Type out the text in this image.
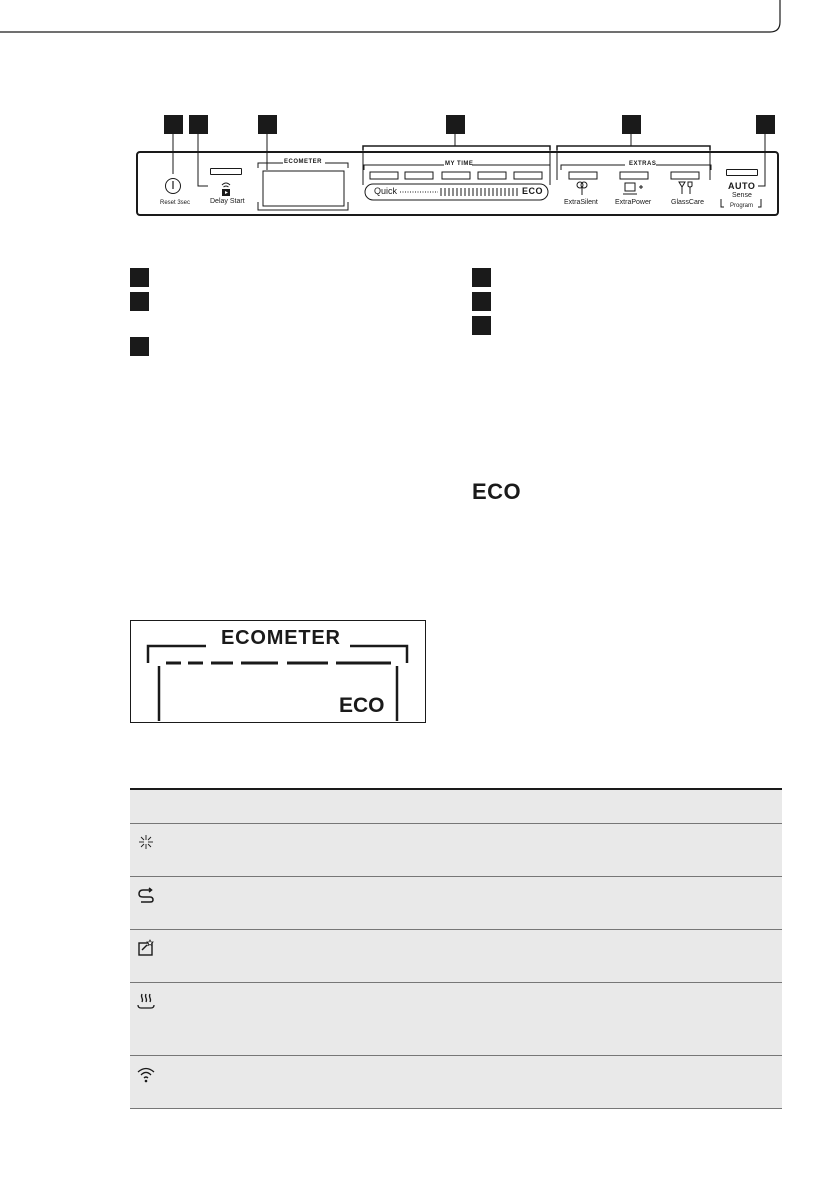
Reset 3sec	Delay Start
ECOMETER	MY TIME
Quick	ECO
EXTRAS
ExtraSilent ExtraPower	GlassCare
AUTO
Sense
Program
ECO
ECOMETER
ECO
